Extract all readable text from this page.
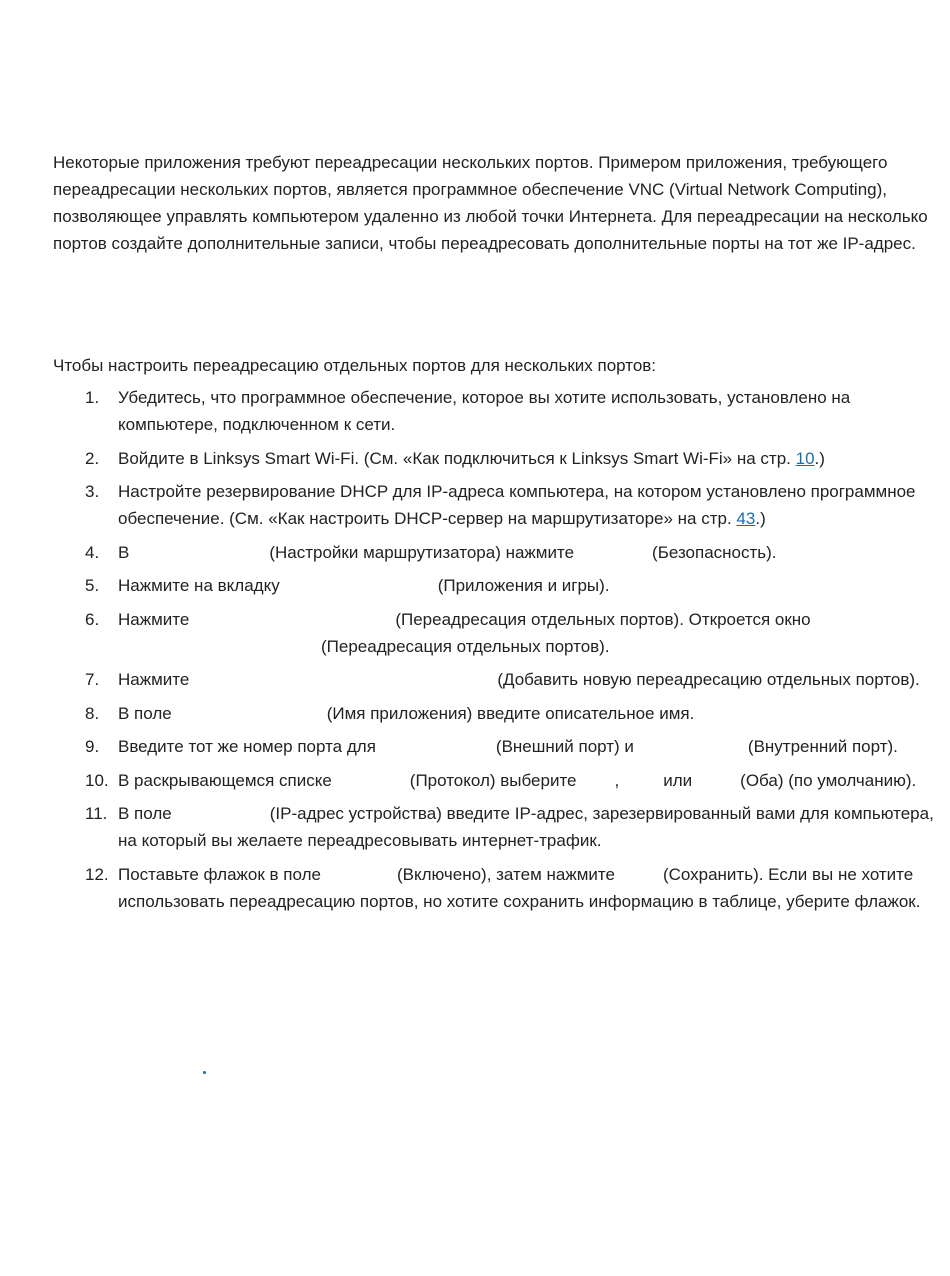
Некоторые приложения требуют переадресации нескольких портов. Примером приложения, требующего переадресации нескольких портов, является программное обеспечение VNC (Virtual Network Computing), позволяющее управлять компьютером удаленно из любой точки Интернета. Для переадресации на несколько портов создайте дополнительные записи, чтобы переадресовать дополнительные порты на тот же IP-адрес.

Чтобы настроить переадресацию отдельных портов для нескольких портов:

1.	Убедитесь, что программное обеспечение, которое вы хотите использовать, установлено на компьютере, подключенном к сети.
2.	Войдите в Linksys Smart Wi-Fi. (См. «Как подключиться к Linksys Smart Wi-Fi» на стр. 10.)
3.	Настройте резервирование DHCP для IP-адреса компьютера, на котором установлено программное обеспечение. (См. «Как настроить DHCP-сервер на маршрутизаторе» на стр. 43.)
4.	В	(Настройки маршрутизатора) нажмите	(Безопасность).
5.	Нажмите на вкладку	(Приложения и игры).
6.	Нажмите	(Переадресация отдельных портов). Откроется окно
(Переадресация отдельных портов).
7.	Нажмите	(Добавить новую переадресацию отдельных портов).
8.	В поле	(Имя приложения) введите описательное имя.
9.	Введите тот же номер порта для	(Внешний порт) и	(Внутренний порт).
10. В раскрывающемся списке	(Протокол) выберите ,	или	(Оба) (по умолчанию).
11. В поле	(IP-адрес устройства) введите IP-адрес, зарезервированный вами для компьютера, на который вы желаете переадресовывать интернет-трафик.
12. Поставьте флажок в поле	(Включено), затем нажмите	(Сохранить). Если вы не хотите использовать переадресацию портов, но хотите сохранить информацию в таблице, уберите флажок.
